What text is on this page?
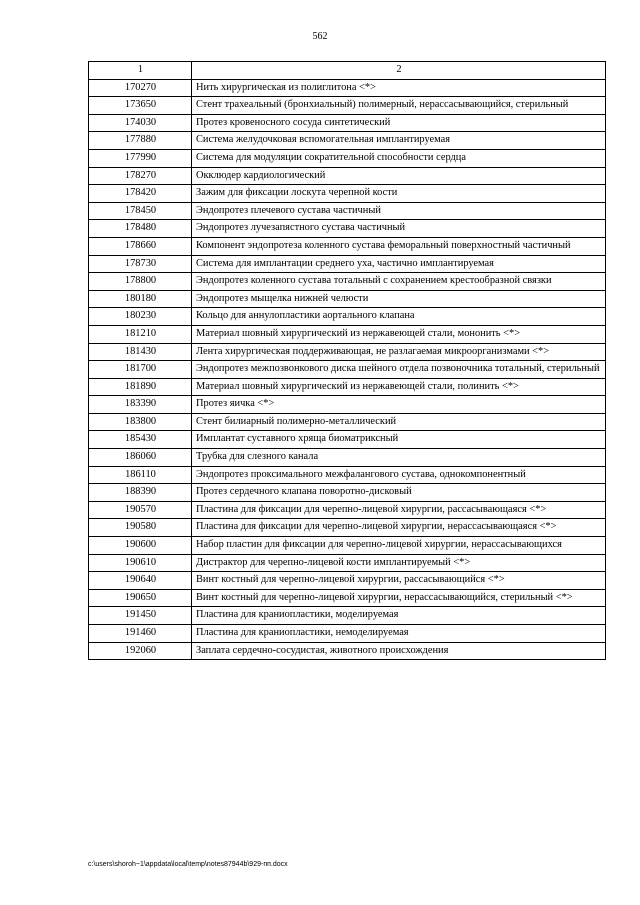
562
1	2
170270	Нить хирургическая из полиглитона <*>
173650	Стент трахеальный (бронхиальный) полимерный, нерассасывающийся, стерильный
174030	Протез кровеносного сосуда синтетический
177880	Система желудочковая вспомогательная имплантируемая
177990	Система для модуляции сократительной способности сердца
178270	Окклюдер кардиологический
178420	Зажим для фиксации лоскута черепной кости
178450	Эндопротез плечевого сустава частичный
178480	Эндопротез лучезапястного сустава частичный
178660	Компонент эндопротеза коленного сустава феморальный поверхностный частичный
178730	Система для имплантации среднего уха, частично имплантируемая
178800	Эндопротез коленного сустава тотальный с сохранением крестообразной связки
180180	Эндопротез мыщелка нижней челюсти
180230	Кольцо для аннулопластики аортального клапана
181210	Материал шовный хирургический из нержавеющей стали, мононить <*>
181430	Лента хирургическая поддерживающая, не разлагаемая микроорганизмами <*>
181700	Эндопротез межпозвонкового диска шейного отдела позвоночника тотальный, стерильный
181890	Материал шовный хирургический из нержавеющей стали, полинить <*>
183390	Протез яичка <*>
183800	Стент билиарный полимерно-металлический
185430	Имплантат суставного хряща биоматриксный
186060	Трубка для слезного канала
186110	Эндопротез проксимального межфалангового сустава, однокомпонентный
188390	Протез сердечного клапана поворотно-дисковый
190570	Пластина для фиксации для черепно-лицевой хирургии, рассасывающаяся <*>
190580	Пластина для фиксации для черепно-лицевой хирургии, нерассасывающаяся <*>
190600	Набор пластин для фиксации для черепно-лицевой хирургии, нерассасывающихся
190610	Дистрактор для черепно-лицевой кости имплантируемый <*>
190640	Винт костный для черепно-лицевой хирургии, рассасывающийся <*>
190650	Винт костный для черепно-лицевой хирургии, нерассасывающийся, стерильный <*>
191450	Пластина для краниопластики, моделируемая
191460	Пластина для краниопластики, немоделируемая
192060	Заплата сердечно-сосудистая, животного происхождения
c:\users\shoroh~1\appdata\local\temp\notes87944b\929-пп.docx
